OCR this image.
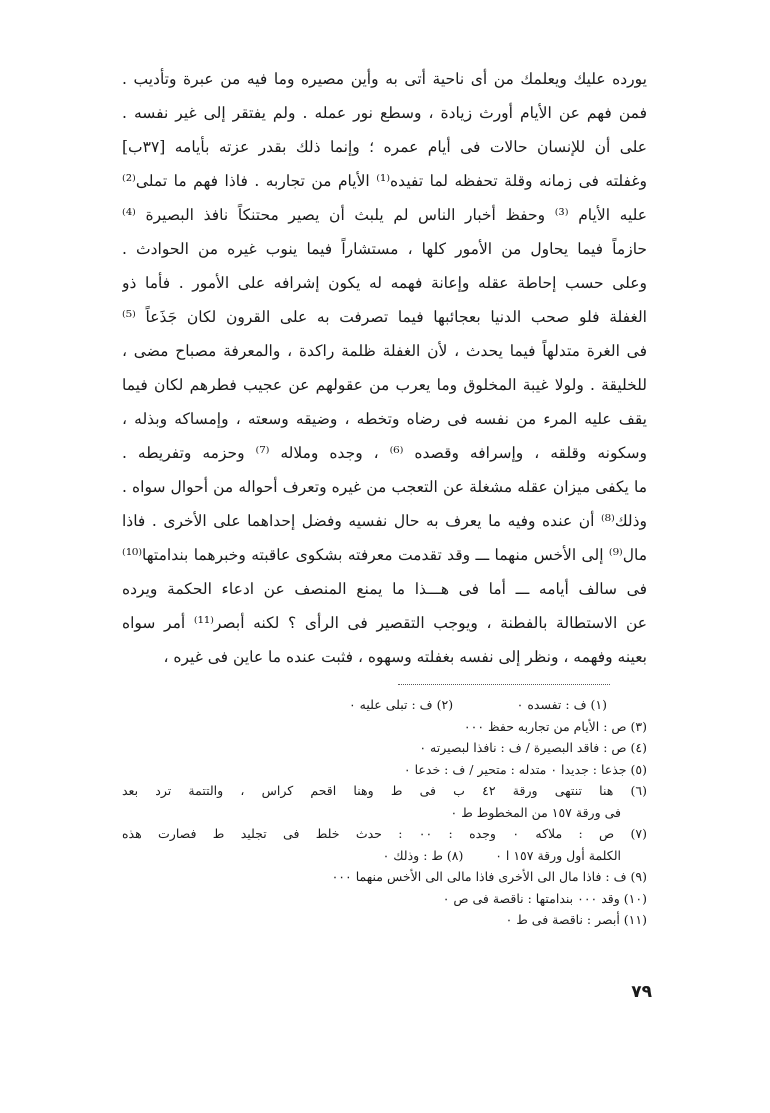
يورده عليك ويعلمك من أى ناحية أتى به وأين مصيره وما فيه من عبرة وتأديب .
فمن فهم عن الأيام أورث زيادة ، وسطع نور عمله . ولم يفتقر إلى غير نفسه .
على أن للإنسان حالات فى أيام عمره ؛ وإنما ذلك بقدر عزته بأيامه [٣٧ب]
وغفلته فى زمانه وقلة تحفظه لما تفيده⁽¹⁾ الأيام من تجاربه . فاذا فهم ما تملى⁽²⁾
عليه الأيام ⁽³⁾ وحفظ أخبار الناس لم يلبث أن يصير محتنكاً نافذ البصيرة ⁽⁴⁾
حازماً فيما يحاول من الأمور كلها ، مستشاراً فيما ينوب غيره من الحوادث .
وعلى حسب إحاطة عقله وإعانة فهمه له يكون إشرافه على الأمور . فأما ذو
الغفلة فلو صحب الدنيا بعجائبها فيما تصرفت به على القرون لكان جَذَعاً ⁽⁵⁾
فى الغرة متدلهاً فيما يحدث ، لأن الغفلة ظلمة راكدة ، والمعرفة مصباح مضى ،
للخليقة . ولولا غيبة المخلوق وما يعرب من عقولهم عن عجيب فطرهم لكان فيما
يقف عليه المرء من نفسه فى رضاه وتخطه ، وضيقه وسعته ، وإمساكه وبذله ،
وسكونه وقلقه ، وإسرافه وقصده ⁽⁶⁾ ، وجده وملاله ⁽⁷⁾ وحزمه وتفريطه .
ما يكفى ميزان عقله مشغلة عن التعجب من غيره وتعرف أحواله من أحوال سواه .
وذلك⁽⁸⁾ أن عنده وفيه ما يعرف به حال نفسيه وفضل إحداهما على الأخرى . فاذا
مال⁽⁹⁾ إلى الأخس منهما ـــ وقد تقدمت معرفته بشكوى عاقبته وخبرهما بندامتها⁽¹⁰⁾
فى سالف أيامه ـــ أما فى هـــذا ما يمنع المنصف عن ادعاء الحكمة ويرده
عن الاستطالة بالفطنة ، ويوجب التقصير فى الرأى ؟ لكنه أبصر⁽¹¹⁾ أمر سواه
بعينه وفهمه ، ونظر إلى نفسه بغفلته وسهوه ، فثبت عنده ما عاين فى غيره ،
(١) ف : تفسده ٠                (٢) ف : تبلى عليه ٠
(٣) ص : الأيام من تجاربه حفظ ٠٠٠
(٤) ص : فاقد البصيرة / ف : نافذا لبصيرته ٠
(٥) جذعا : جديدا ٠ متدله : متحير / ف : خدعا ٠
(٦) هنا تنتهى ورقة ٤٢ ب فى ط وهنا اقحم كراس ، والتتمة ترد بعد
فى ورقة ١٥٧ من المخطوط ط ٠
(٧) ص : ملاكه ٠ وجده : ٠٠ : حدث خلط فى تجليد ط فصارت هذه
الكلمة أول ورقة ١٥٧ ا ٠        (٨) ط : وذلك ٠
(٩) ف : فاذا مال الى الأخرى فاذا مالى الى الأخس منهما ٠٠٠
(١٠) وقد ٠٠٠ بندامتها : ناقصة فى ص ٠
(١١) أبصر : ناقصة فى ط ٠
٧٩
